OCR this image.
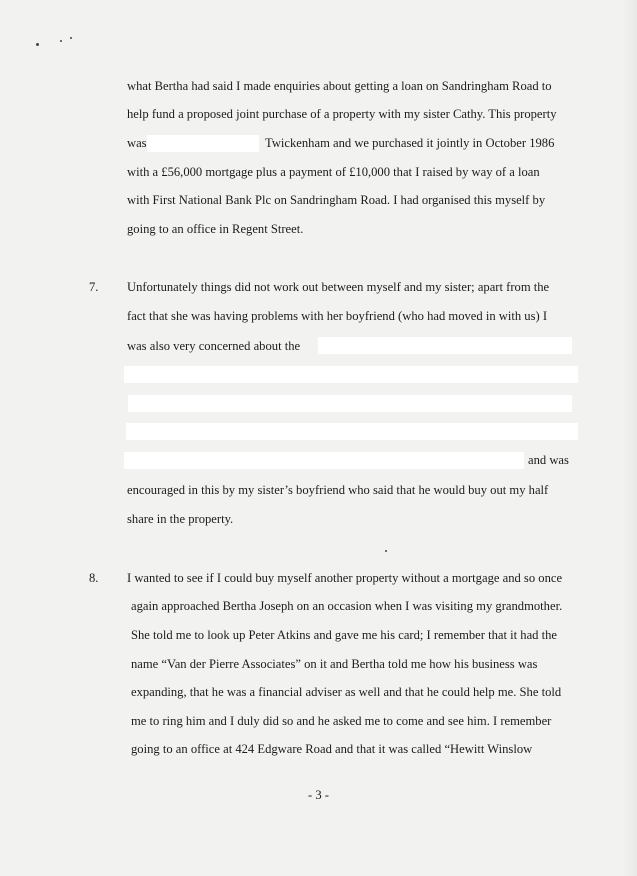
what Bertha had said I made enquiries about getting a loan on Sandringham Road to
help fund a proposed joint purchase of a property with my sister Cathy. This property
was	Twickenham and we purchased it jointly in October 1986
with a £56,000 mortgage plus a payment of £10,000 that I raised by way of a loan
with First National Bank Plc on Sandringham Road. I had organised this myself by
going to an office in Regent Street.
7. Unfortunately things did not work out between myself and my sister; apart from the
fact that she was having problems with her boyfriend (who had moved in with us) I
was also very concerned about the
and was
encouraged in this by my sister’s boyfriend who said that he would buy out my half
share in the property.
8. I wanted to see if I could buy myself another property without a mortgage and so once
again approached Bertha Joseph on an occasion when I was visiting my grandmother.
She told me to look up Peter Atkins and gave me his card; I remember that it had the
name “Van der Pierre Associates” on it and Bertha told me how his business was
expanding, that he was a financial adviser as well and that he could help me. She told
me to ring him and I duly did so and he asked me to come and see him. I remember
going to an office at 424 Edgware Road and that it was called “Hewitt Winslow
- 3 -
